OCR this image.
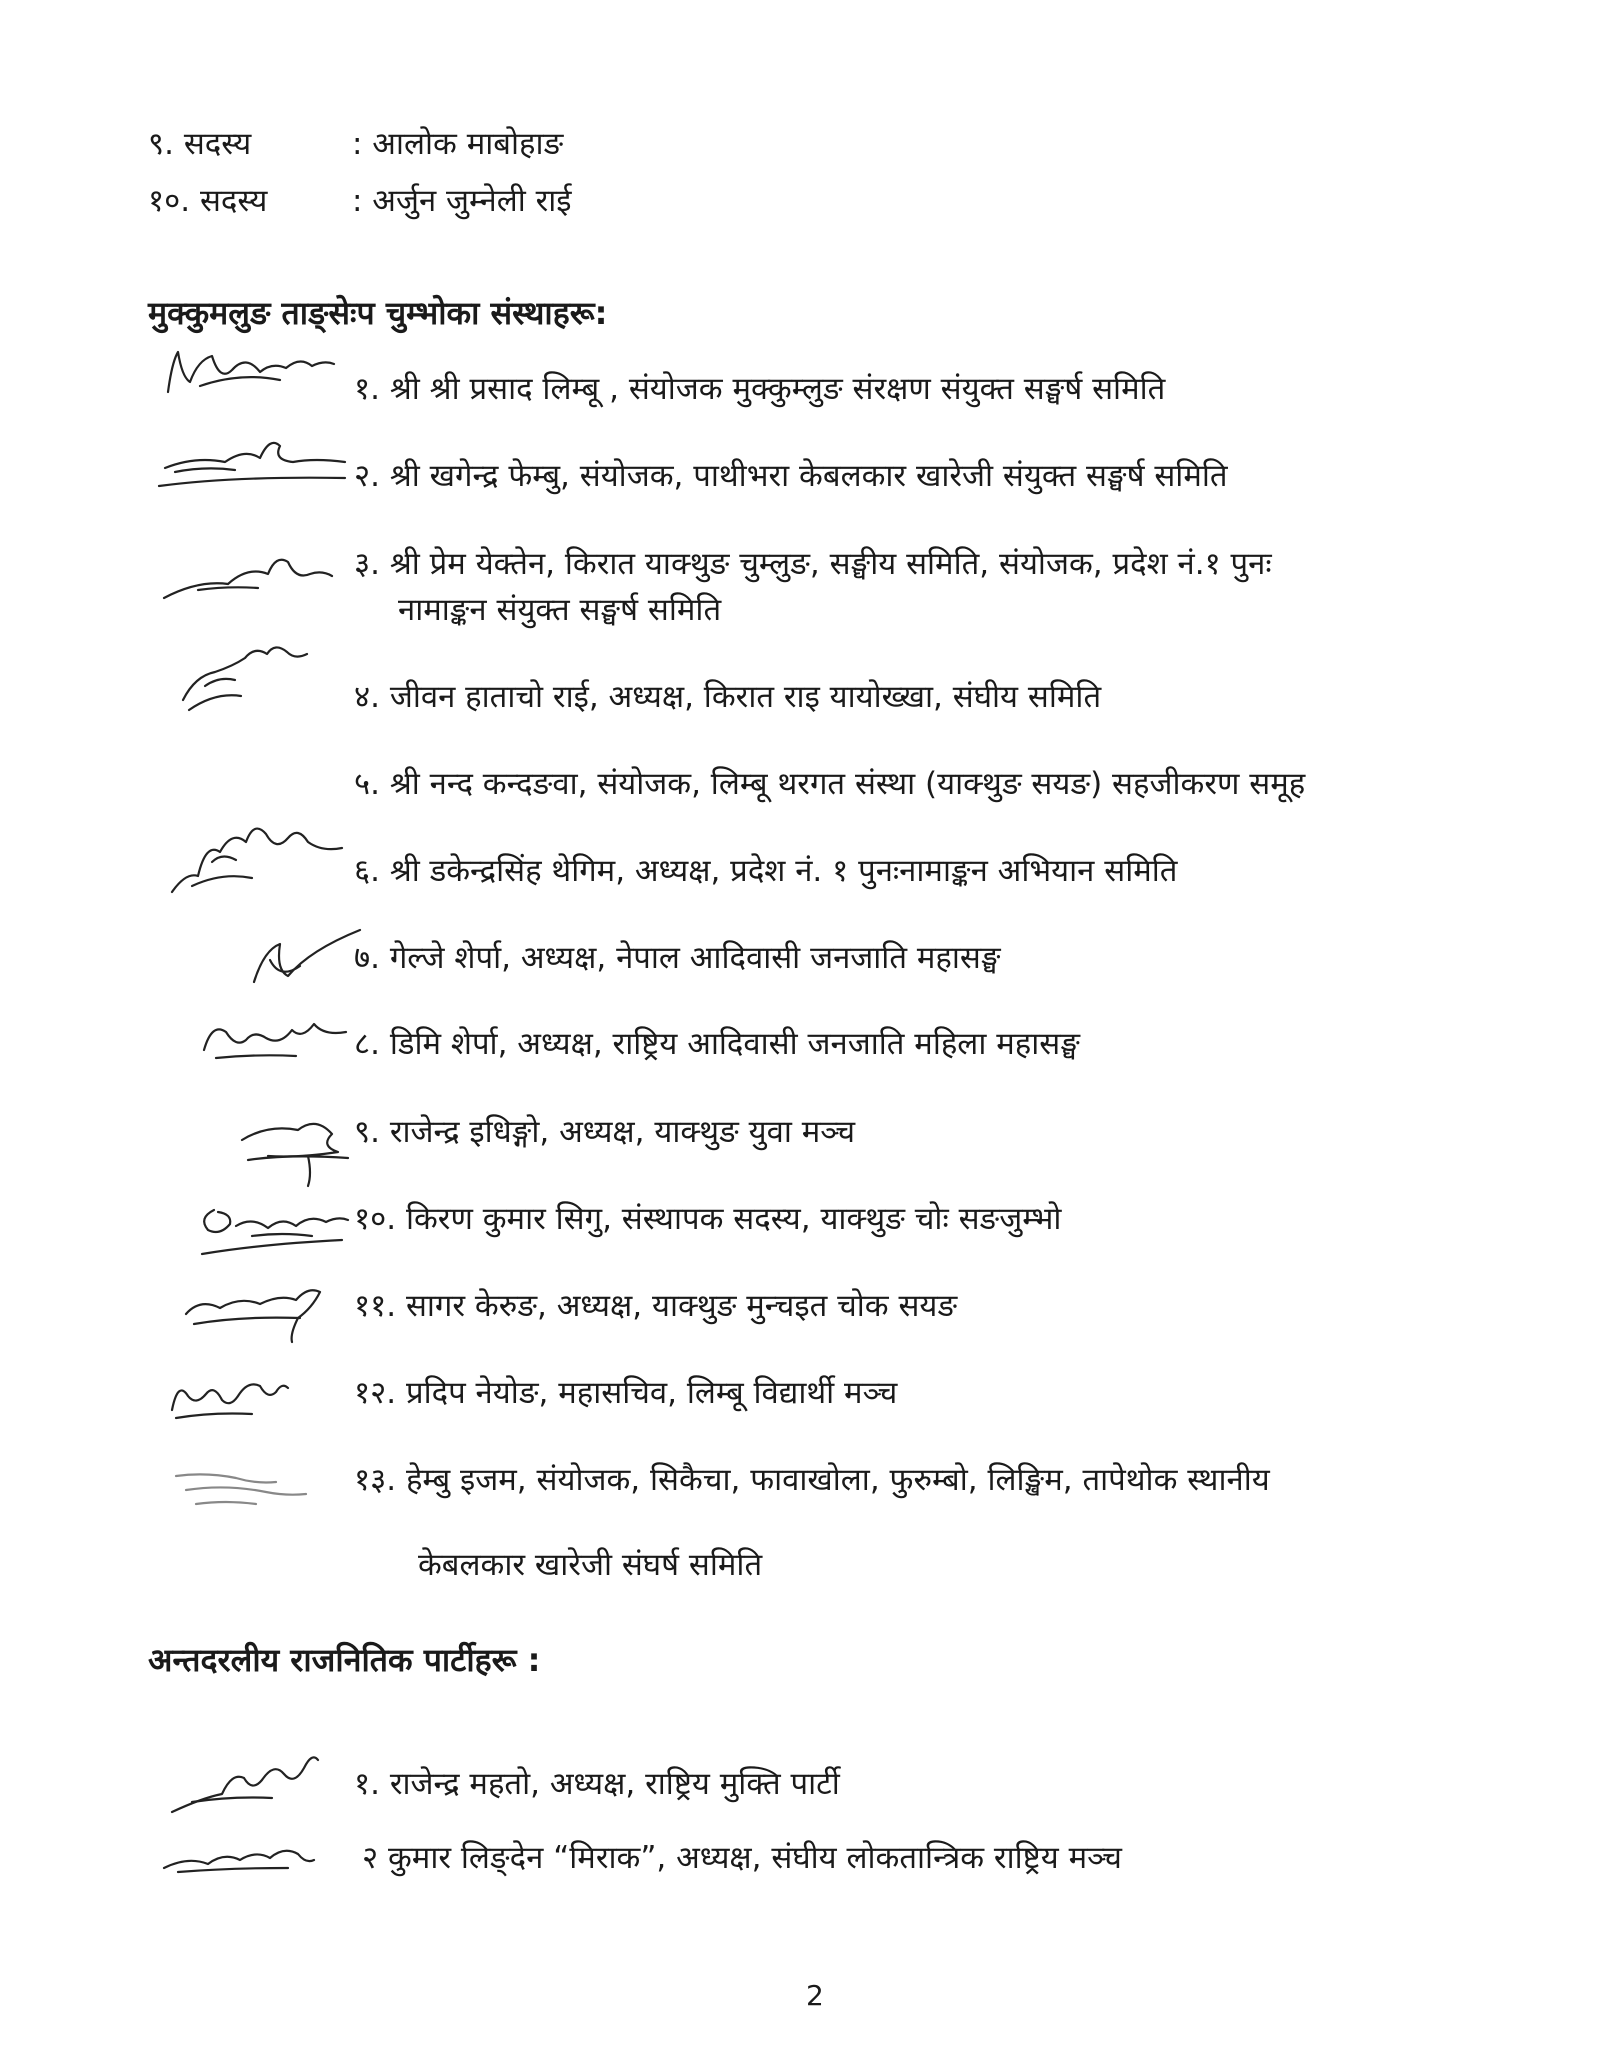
९. सदस्य	: आलोक माबोहाङ
१०. सदस्य	: अर्जुन जुम्नेली राई
मुक्कुमलुङ ताङ्सेःप चुम्भोका संस्थाहरू:
१. श्री श्री प्रसाद लिम्बू , संयोजक मुक्कुम्लुङ संरक्षण संयुक्त सङ्घर्ष समिति
२. श्री खगेन्द्र फेम्बु, संयोजक, पाथीभरा केबलकार खारेजी संयुक्त सङ्घर्ष समिति
३. श्री प्रेम येक्तेन, किरात याक्थुङ चुम्लुङ, सङ्घीय समिति, संयोजक, प्रदेश नं.१ पुनः
नामाङ्कन संयुक्त सङ्घर्ष समिति
४. जीवन हाताचो राई, अध्यक्ष, किरात राइ यायोख्खा, संघीय समिति
५. श्री नन्द कन्दङवा, संयोजक, लिम्बू थरगत संस्था (याक्थुङ सयङ) सहजीकरण समूह
६. श्री डकेन्द्रसिंह थेगिम, अध्यक्ष, प्रदेश नं. १ पुनःनामाङ्कन अभियान समिति
७. गेल्जे शेर्पा, अध्यक्ष, नेपाल आदिवासी जनजाति महासङ्घ
८. डिमि शेर्पा, अध्यक्ष, राष्ट्रिय आदिवासी जनजाति महिला महासङ्घ
९. राजेन्द्र इधिङ्गो, अध्यक्ष, याक्थुङ युवा मञ्च
१०. किरण कुमार सिगु, संस्थापक सदस्य, याक्थुङ चोः सङजुम्भो
११. सागर केरुङ, अध्यक्ष, याक्थुङ मुन्चइत चोक सयङ
१२. प्रदिप नेयोङ, महासचिव, लिम्बू विद्यार्थी मञ्च
१३. हेम्बु इजम, संयोजक, सिकैचा, फावाखोला, फुरुम्बो, लिङ्खिम, तापेथोक स्थानीय
केबलकार खारेजी संघर्ष समिति
अन्तदरलीय राजनितिक पार्टीहरू :
१. राजेन्द्र महतो, अध्यक्ष, राष्ट्रिय मुक्ति पार्टी
२ कुमार लिङ्देन “मिराक”, अध्यक्ष, संघीय लोकतान्त्रिक राष्ट्रिय मञ्च
2
